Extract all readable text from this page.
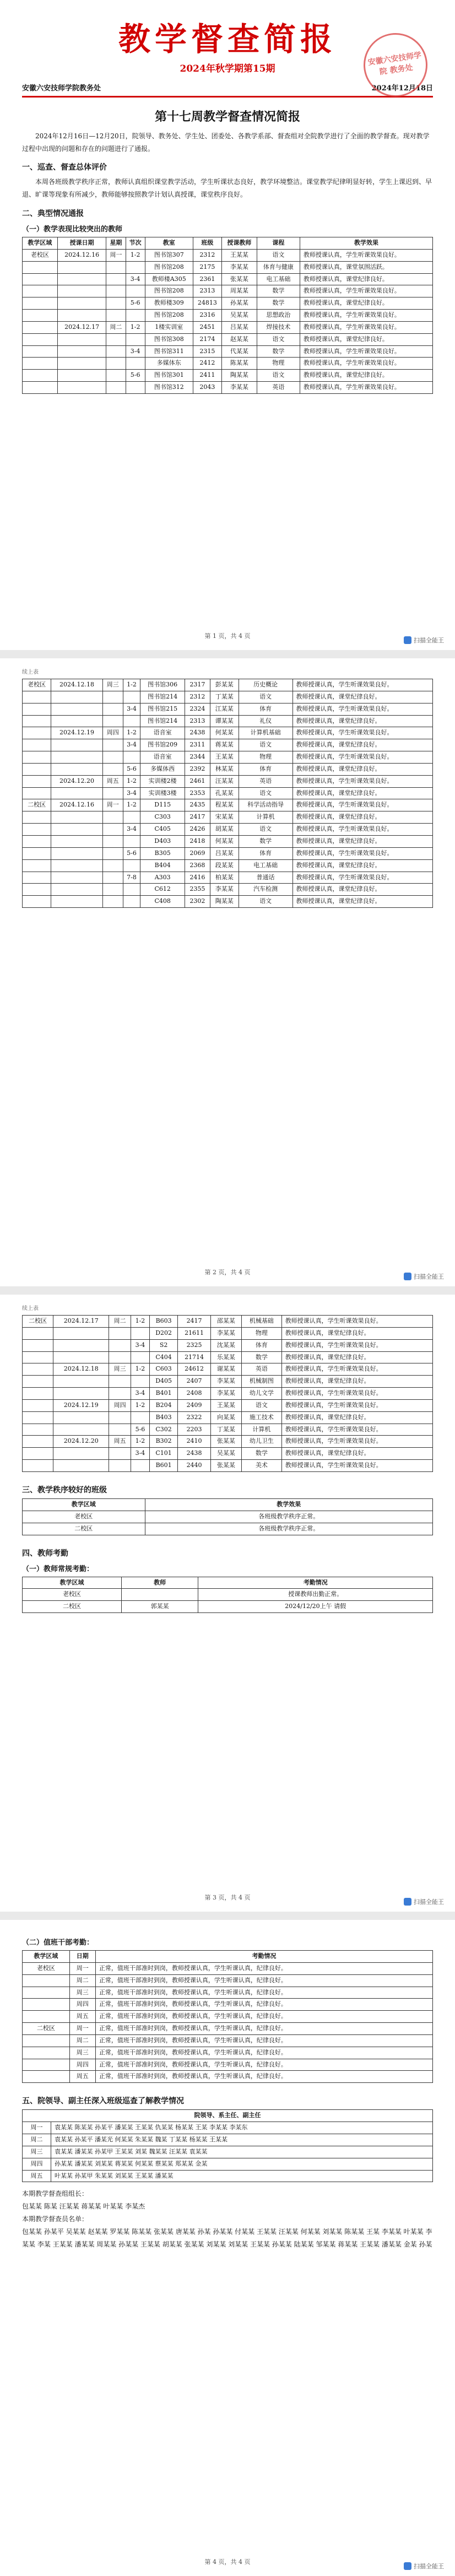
教学督查简报
2024年秋学期第15期
安徽六安技师学院教务处	2024年12月18日
安徽六安技师学院 教务处
第十七周教学督查情况简报

2024年12月16日—12月20日，院领导、教务处、学生处、团委处、各教学系部、督查组对全院教学进行了全面的教学督查。现对教学过程中出现的问题和存在的问题进行了通报。

一、巡查、督查总体评价

本周各班级教学秩序正常，教师认真组织课堂教学活动，学生听课状态良好，教学环境整洁。课堂教学纪律明显好转，学生上课迟到、早退、旷课等现象有所减少，教师能够按照教学计划认真授课，课堂秩序良好。

二、典型情况通报
（一）教学表现比较突出的教师
教学区域	授课日期	星期	节次	教室	班级	授课教师	课程	教学效果
老校区	2024.12.16	周一	1-2	图书馆307	2312	王某某	语文	教师授课认真，学生听课效果良好。
				图书馆208	2175	李某某	体育与健康	教师授课认真，课堂氛围活跃。
			3-4	教师楼A305	2361	张某某	电工基础	教师授课认真，课堂纪律良好。
				图书馆208	2313	周某某	数学	教师授课认真，学生听课效果良好。
			5-6	教师楼309	24813	孙某某	数学	教师授课认真，课堂纪律良好。
				图书馆208	2316	吴某某	思想政治	教师授课认真，学生听课效果良好。
	2024.12.17	周二	1-2	1楼实训室	2451	吕某某	焊接技术	教师授课认真，学生听课效果良好。
				图书馆308	2174	赵某某	语文	教师授课认真，课堂纪律良好。
			3-4	图书馆311	2315	代某某	数学	教师授课认真，学生听课效果良好。
				多媒体东	2412	陈某某	物理	教师授课认真，学生听课效果良好。
			5-6	图书馆301	2411	陶某某	语文	教师授课认真，课堂纪律良好。
				图书馆312	2043	李某某	英语	教师授课认真，学生听课效果良好。
第 1 页，共 4 页
扫描全能王
续上表
老校区	2024.12.18	周三	1-2	图书馆306	2317	彭某某	历史概论	教师授课认真，学生听课效果良好。
				图书馆214	2312	丁某某	语文	教师授课认真，课堂纪律良好。
			3-4	图书馆215	2324	江某某	体育	教师授课认真，学生听课效果良好。
				图书馆214	2313	谭某某	礼仪	教师授课认真，课堂纪律良好。
	2024.12.19	周四	1-2	语音室	2438	何某某	计算机基础	教师授课认真，学生听课效果良好。
			3-4	图书馆209	2311	蒋某某	语文	教师授课认真，课堂纪律良好。
				语音室	2344	王某某	物理	教师授课认真，学生听课效果良好。
			5-6	多媒体西	2392	林某某	体育	教师授课认真，课堂纪律良好。
	2024.12.20	周五	1-2	实训楼2楼	2461	汪某某	英语	教师授课认真，学生听课效果良好。
			3-4	实训楼3楼	2353	孔某某	语文	教师授课认真，课堂纪律良好。
二校区	2024.12.16	周一	1-2	D115	2435	程某某	科学活动指导	教师授课认真，学生听课效果良好。
				C303	2417	宋某某	计算机	教师授课认真，课堂纪律良好。
			3-4	C405	2426	胡某某	语文	教师授课认真，学生听课效果良好。
				D403	2418	何某某	数学	教师授课认真，课堂纪律良好。
			5-6	B305	2069	吕某某	体育	教师授课认真，学生听课效果良好。
				B404	2368	段某某	电工基础	教师授课认真，课堂纪律良好。
			7-8	A303	2416	柏某某	普通话	教师授课认真，学生听课效果良好。
				C612	2355	李某某	汽车检测	教师授课认真，课堂纪律良好。
				C408	2302	陶某某	语文	教师授课认真，课堂纪律良好。
第 2 页，共 4 页
扫描全能王
续上表
二校区	2024.12.17	周二	1-2	B603	2417	邵某某	机械基础	教师授课认真，学生听课效果良好。
				D202	21611	李某某	物理	教师授课认真，课堂纪律良好。
			3-4	S2	2325	沈某某	体育	教师授课认真，学生听课效果良好。
				C404	21714	乐某某	数学	教师授课认真，课堂纪律良好。
	2024.12.18	周三	1-2	C603	24612	谢某某	英语	教师授课认真，学生听课效果良好。
				D405	2407	李某某	机械制图	教师授课认真，课堂纪律良好。
			3-4	B401	2408	李某某	幼儿文学	教师授课认真，学生听课效果良好。
	2024.12.19	周四	1-2	B204	2409	王某某	语文	教师授课认真，学生听课效果良好。
				B403	2322	向某某	施工技术	教师授课认真，课堂纪律良好。
			5-6	C302	2203	丁某某	计算机	教师授课认真，学生听课效果良好。
	2024.12.20	周五	1-2	B302	2410	张某某	幼儿卫生	教师授课认真，学生听课效果良好。
			3-4	C101	2438	吴某某	数学	教师授课认真，课堂纪律良好。
				B601	2440	张某某	美术	教师授课认真，学生听课效果良好。
三、教学秩序较好的班级
教学区域	教学效果
老校区	各班级教学秩序正常。
二校区	各班级教学秩序正常。
四、教师考勤
（一）教师常规考勤：
教学区域	教师	考勤情况
老校区		授课教师出勤正常。
二校区	郭某某	2024/12/20上午 请假
第 3 页，共 4 页
扫描全能王
（二）值班干部考勤：
教学区域	日期	考勤情况
老校区	周一	正常，值班干部准时到岗，教师授课认真，学生听课认真，纪律良好。
	周二	正常，值班干部准时到岗，教师授课认真，学生听课认真，纪律良好。
	周三	正常，值班干部准时到岗，教师授课认真，学生听课认真，纪律良好。
	周四	正常，值班干部准时到岗，教师授课认真，学生听课认真，纪律良好。
	周五	正常，值班干部准时到岗，教师授课认真，学生听课认真，纪律良好。
二校区	周一	正常，值班干部准时到岗，教师授课认真，学生听课认真，纪律良好。
	周二	正常，值班干部准时到岗，教师授课认真，学生听课认真，纪律良好。
	周三	正常，值班干部准时到岗，教师授课认真，学生听课认真，纪律良好。
	周四	正常，值班干部准时到岗，教师授课认真，学生听课认真，纪律良好。
	周五	正常，值班干部准时到岗，教师授课认真，学生听课认真，纪律良好。
五、院领导、副主任深入班级巡查了解教学情况
院领导、系主任、副主任	
周一	袁某某 陈某某 孙某平 潘某某 王某某 仇某某 杨某某 王某 李某某 李某东
周二	袁某某 孙某平 潘某光 何某某 朱某某 魏某 丁某某 杨某某 王某某
周三	袁某某 潘某某 孙某甲 王某某 刘某 魏某某 汪某某 袁某某
周四	孙某某 潘某某 刘某某 蒋某某 何某某 蔡某某 郑某某 金某
周五	叶某某 孙某甲 朱某某 刘某某 王某某 潘某某
本期教学督查组组长：
包某某 陈某 汪某某 蒋某某 叶某某 李某杰
本期教学督查员名单：
包某某 孙某平 吴某某 赵某某 罗某某 陈某某 张某某 唐某某 孙某 孙某某 付某某 王某某 汪某某 何某某 刘某某 陈某某 王某 李某某 叶某某 李某某 李某 王某某 潘某某 周某某 孙某某 王某某 胡某某 张某某 刘某某 刘某某 王某某 孙某某 陆某某 邹某某 蒋某某 王某某 潘某某 金某 孙某
第 4 页，共 4 页
扫描全能王
